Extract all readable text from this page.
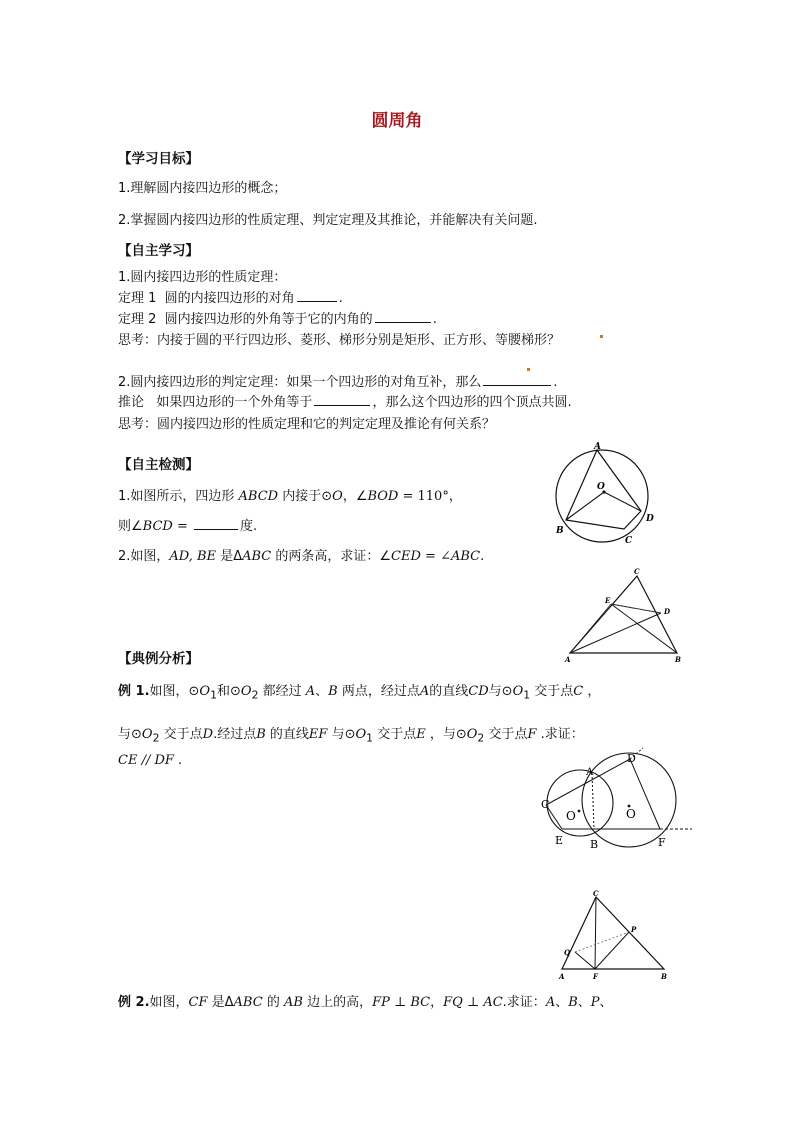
圆周角
【学习目标】
1.理解圆内接四边形的概念；
2.掌握圆内接四边形的性质定理、判定定理及其推论，并能解决有关问题.
【自主学习】
1.圆内接四边形的性质定理：
定理 1 圆的内接四边形的对角	.
定理 2 圆内接四边形的外角等于它的内角的	.
思考：内接于圆的平行四边形、菱形、梯形分别是矩形、正方形、等腰梯形？
2.圆内接四边形的判定定理：如果一个四边形的对角互补，那么	.
推论 如果四边形的一个外角等于	，那么这个四边形的四个顶点共圆.
思考：圆内接四边形的性质定理和它的判定定理及推论有何关系？
【自主检测】
1.如图所示，四边形 ABCD 内接于⊙O，∠BOD = 110°，
则∠BCD =	度.
2.如图，AD, BE 是ΔABC 的两条高，求证：∠CED = ∠ABC.
【典例分析】
例 1.如图，$⊙O_1$和$⊙O_2$ 都经过 A、B 两点，经过点A的直线CD与$⊙O_1$ 交于点C ，
与$⊙O_2$ 交于点D.经过点B 的直线EF 与$⊙O_1$ 交于点E ，与$⊙O_2$ 交于点F .求证：
CE // DF .
例 2.如图，CF 是ΔABC 的 AB 边上的高，FP ⊥ BC，FQ ⊥ AC.求证：A、B、P、
A
O
D
B
C
C
E
D
A	B
C
A
D
O	O
E B	F
C
P
Q
A	F	B
